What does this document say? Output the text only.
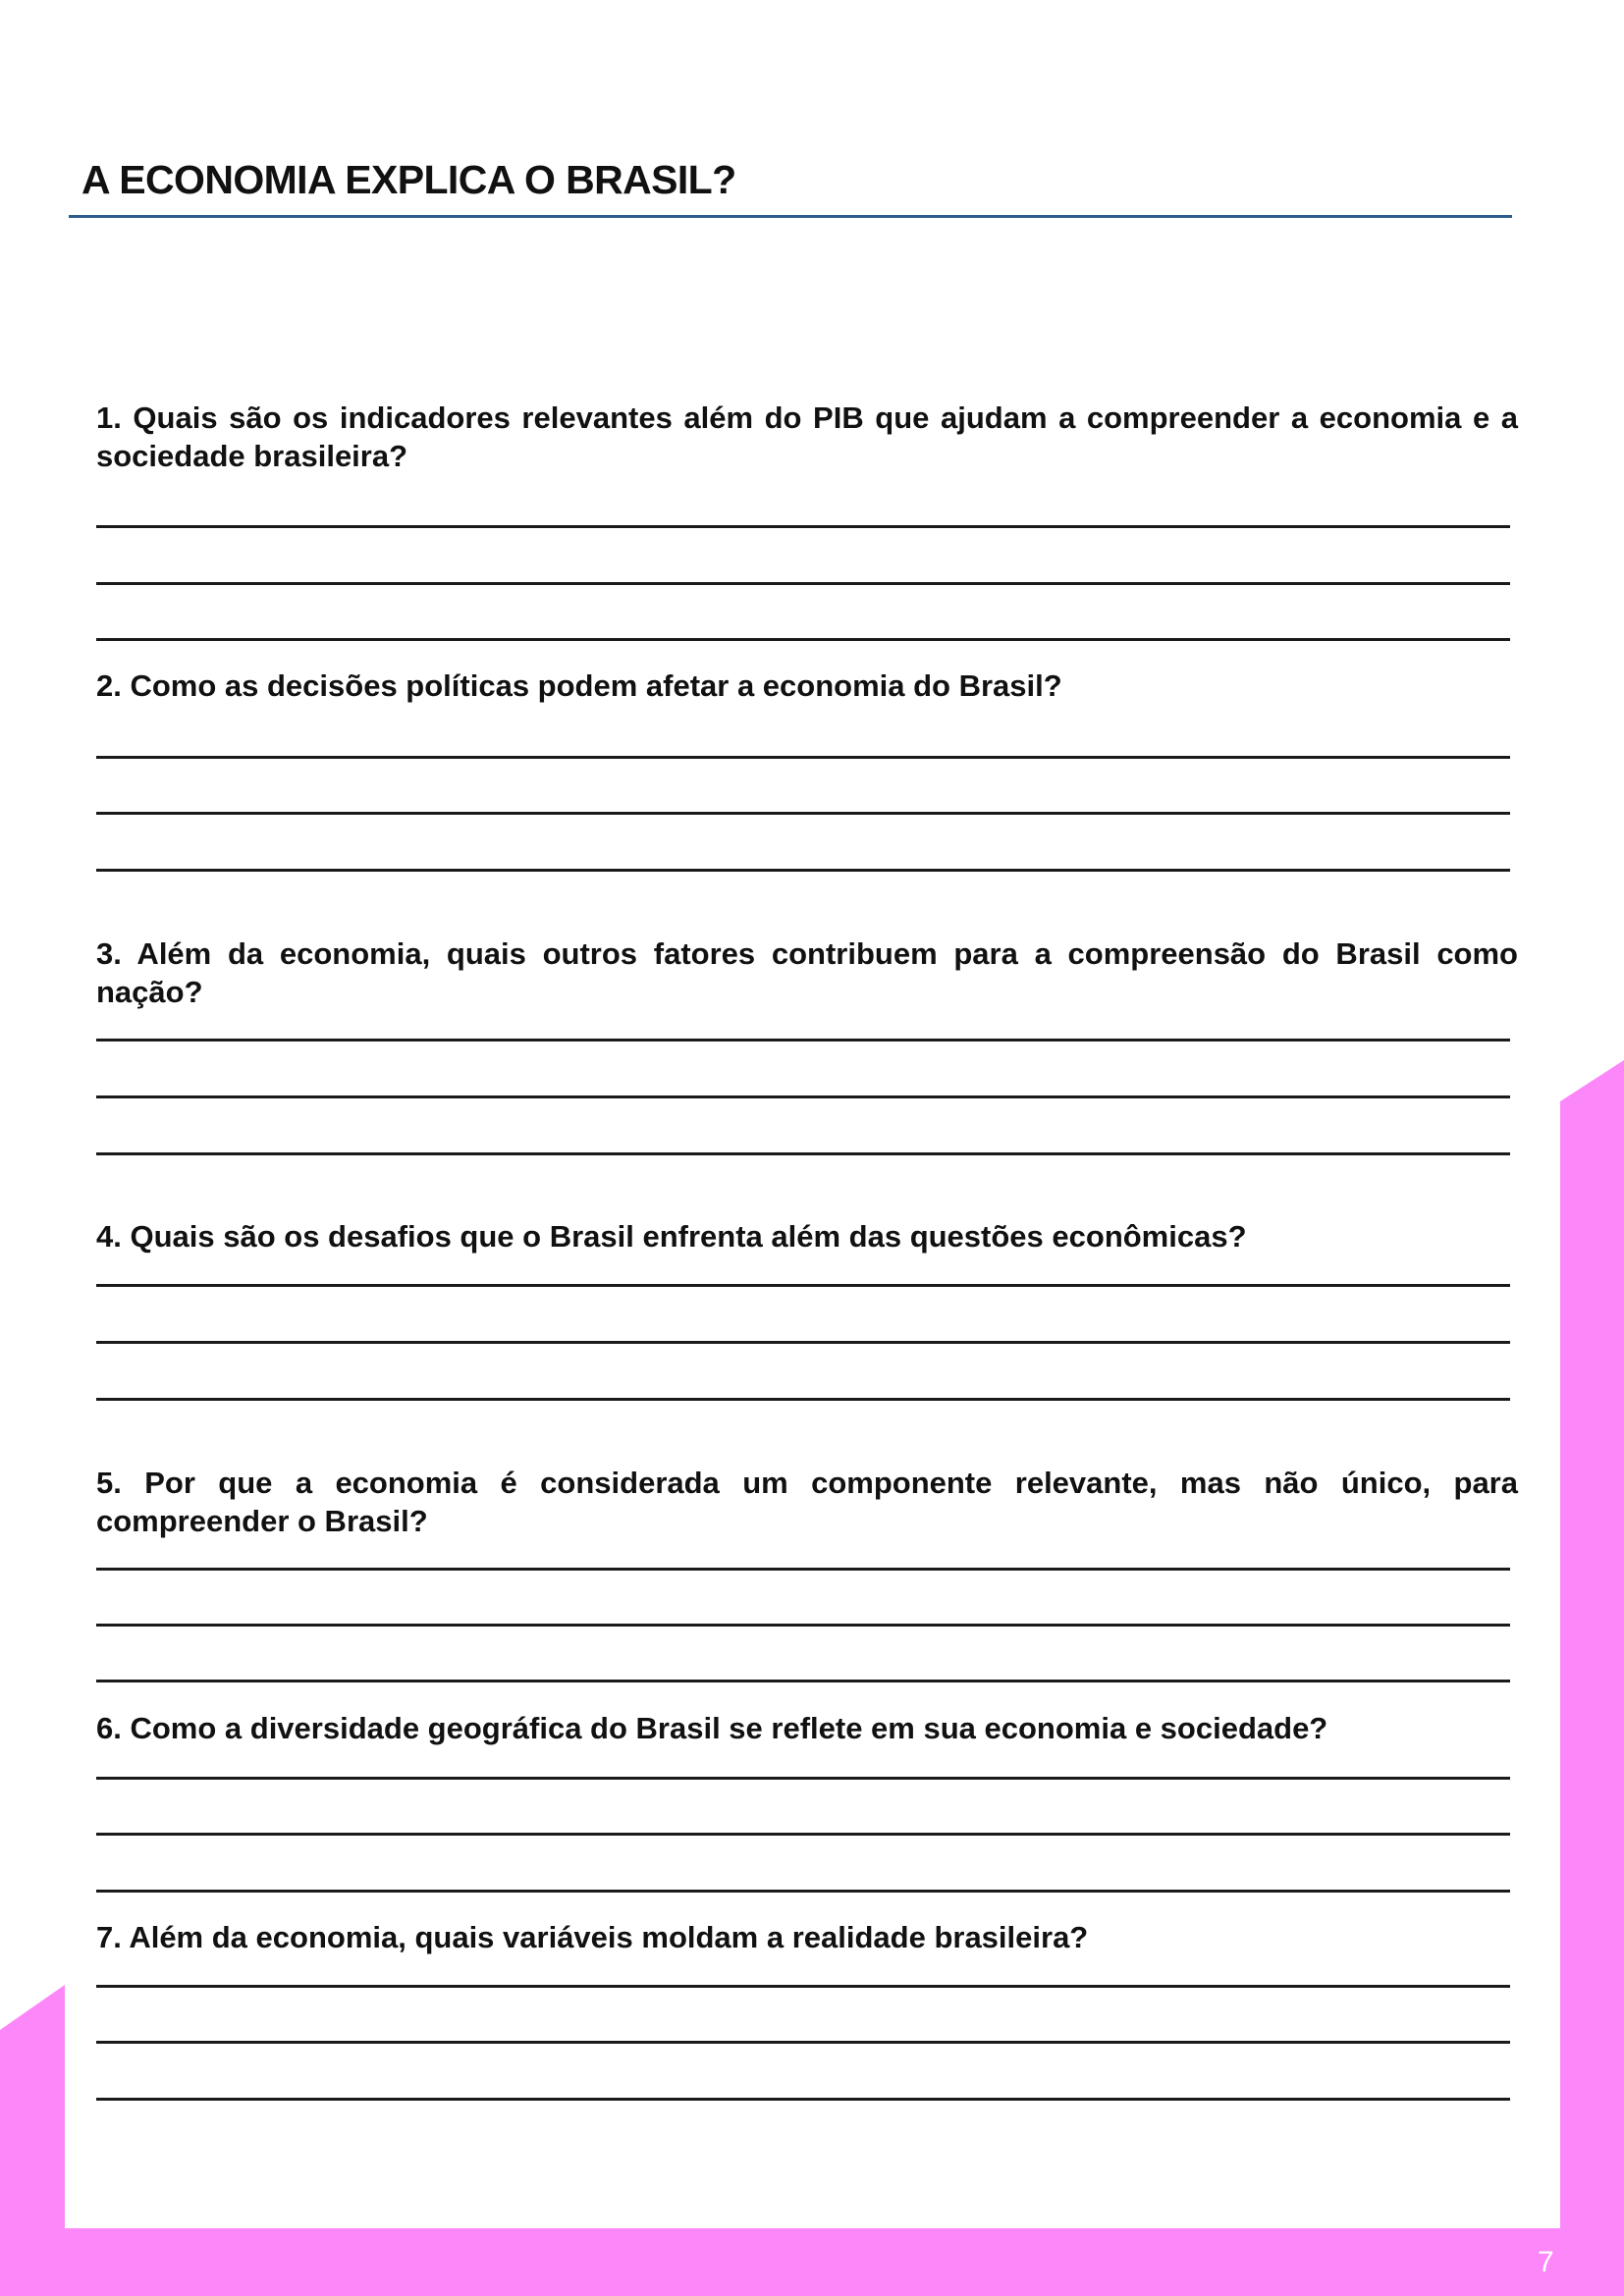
A ECONOMIA EXPLICA O BRASIL?

1. Quais são os indicadores relevantes além do PIB que ajudam a compreender a economia e a sociedade brasileira?

2. Como as decisões políticas podem afetar a economia do Brasil?

3. Além da economia, quais outros fatores contribuem para a compreensão do Brasil como nação?

4. Quais são os desafios que o Brasil enfrenta além das questões econômicas?

5. Por que a economia é considerada um componente relevante, mas não único, para compreender o Brasil?

6. Como a diversidade geográfica do Brasil se reflete em sua economia e sociedade?

7. Além da economia, quais variáveis moldam a realidade brasileira?

7
